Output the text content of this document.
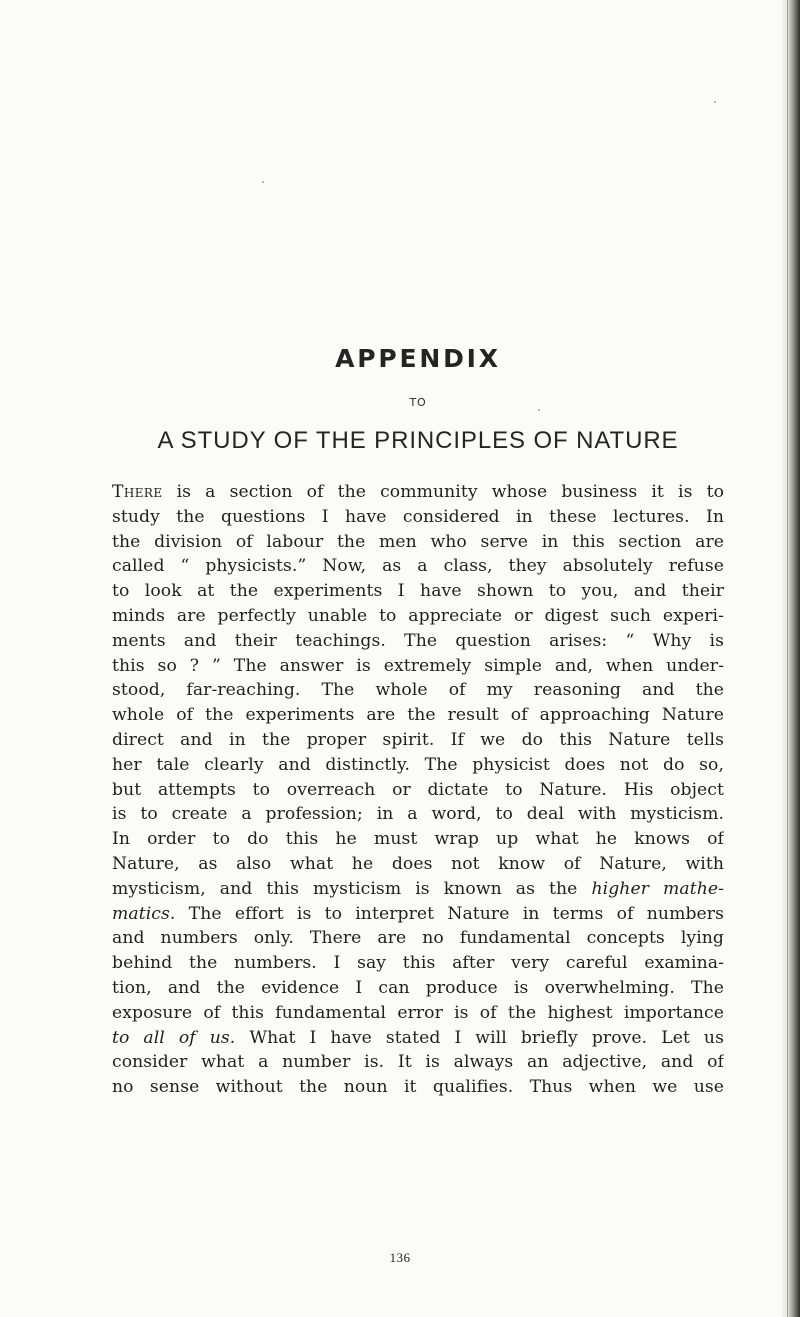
APPENDIX
TO
A STUDY OF THE PRINCIPLES OF NATURE
There is a section of the community whose business it is to
study the questions I have considered in these lectures. In
the division of labour the men who serve in this section are
called “ physicists.” Now, as a class, they absolutely refuse
to look at the experiments I have shown to you, and their
minds are perfectly unable to appreciate or digest such experi-
ments and their teachings. The question arises: “ Why is
this so ? ” The answer is extremely simple and, when under-
stood, far-reaching. The whole of my reasoning and the
whole of the experiments are the result of approaching Nature
direct and in the proper spirit. If we do this Nature tells
her tale clearly and distinctly. The physicist does not do so,
but attempts to overreach or dictate to Nature. His object
is to create a profession; in a word, to deal with mysticism.
In order to do this he must wrap up what he knows of
Nature, as also what he does not know of Nature, with
mysticism, and this mysticism is known as the higher mathe-
matics. The effort is to interpret Nature in terms of numbers
and numbers only. There are no fundamental concepts lying
behind the numbers. I say this after very careful examina-
tion, and the evidence I can produce is overwhelming. The
exposure of this fundamental error is of the highest importance
to all of us. What I have stated I will briefly prove. Let us
consider what a number is. It is always an adjective, and of
no sense without the noun it qualifies. Thus when we use
136
